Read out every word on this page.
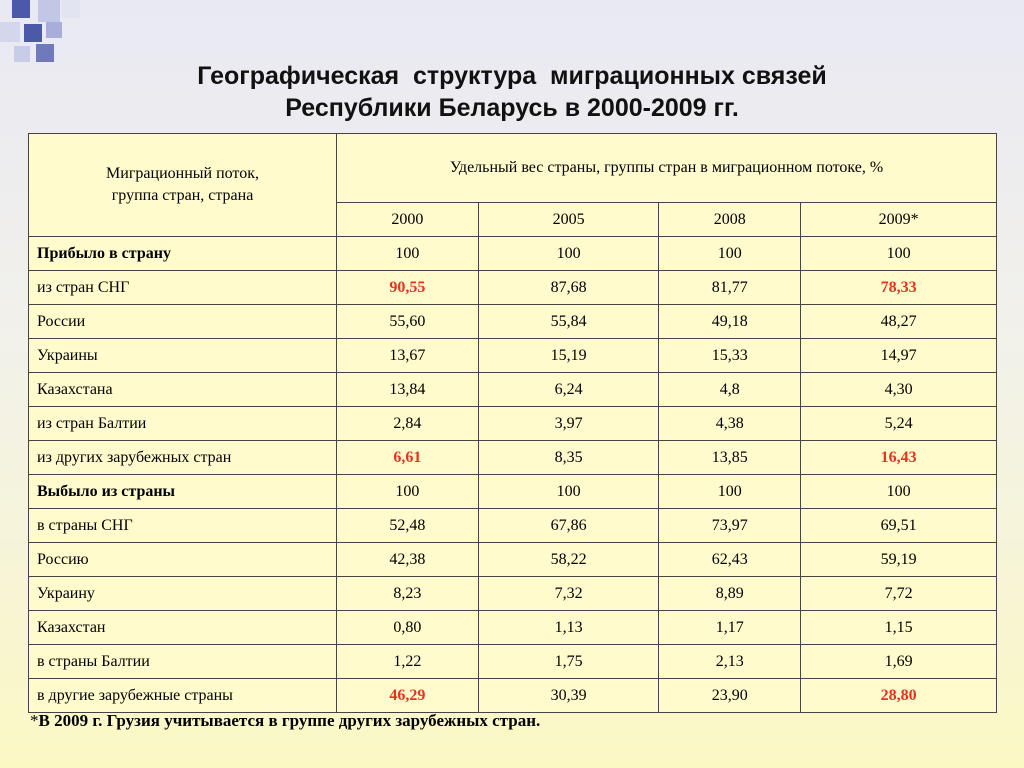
Географическая  структура  миграционных связей
Республики Беларусь в 2000-2009 гг.
Миграционный поток,
группа стран, страна	Удельный вес страны, группы стран в миграционном потоке, %			
	2000	2005	2008	2009*
Прибыло в страну	100	100	100	100
из стран СНГ	90,55	87,68	81,77	78,33
России	55,60	55,84	49,18	48,27
Украины	13,67	15,19	15,33	14,97
Казахстана	13,84	6,24	4,8	4,30
из стран Балтии	2,84	3,97	4,38	5,24
из других зарубежных стран	6,61	8,35	13,85	16,43
Выбыло из страны	100	100	100	100
в страны СНГ	52,48	67,86	73,97	69,51
Россию	42,38	58,22	62,43	59,19
Украину	8,23	7,32	8,89	7,72
Казахстан	0,80	1,13	1,17	1,15
в страны Балтии	1,22	1,75	2,13	1,69
в другие зарубежные страны	46,29	30,39	23,90	28,80
*В 2009 г. Грузия учитывается в группе других зарубежных стран.
